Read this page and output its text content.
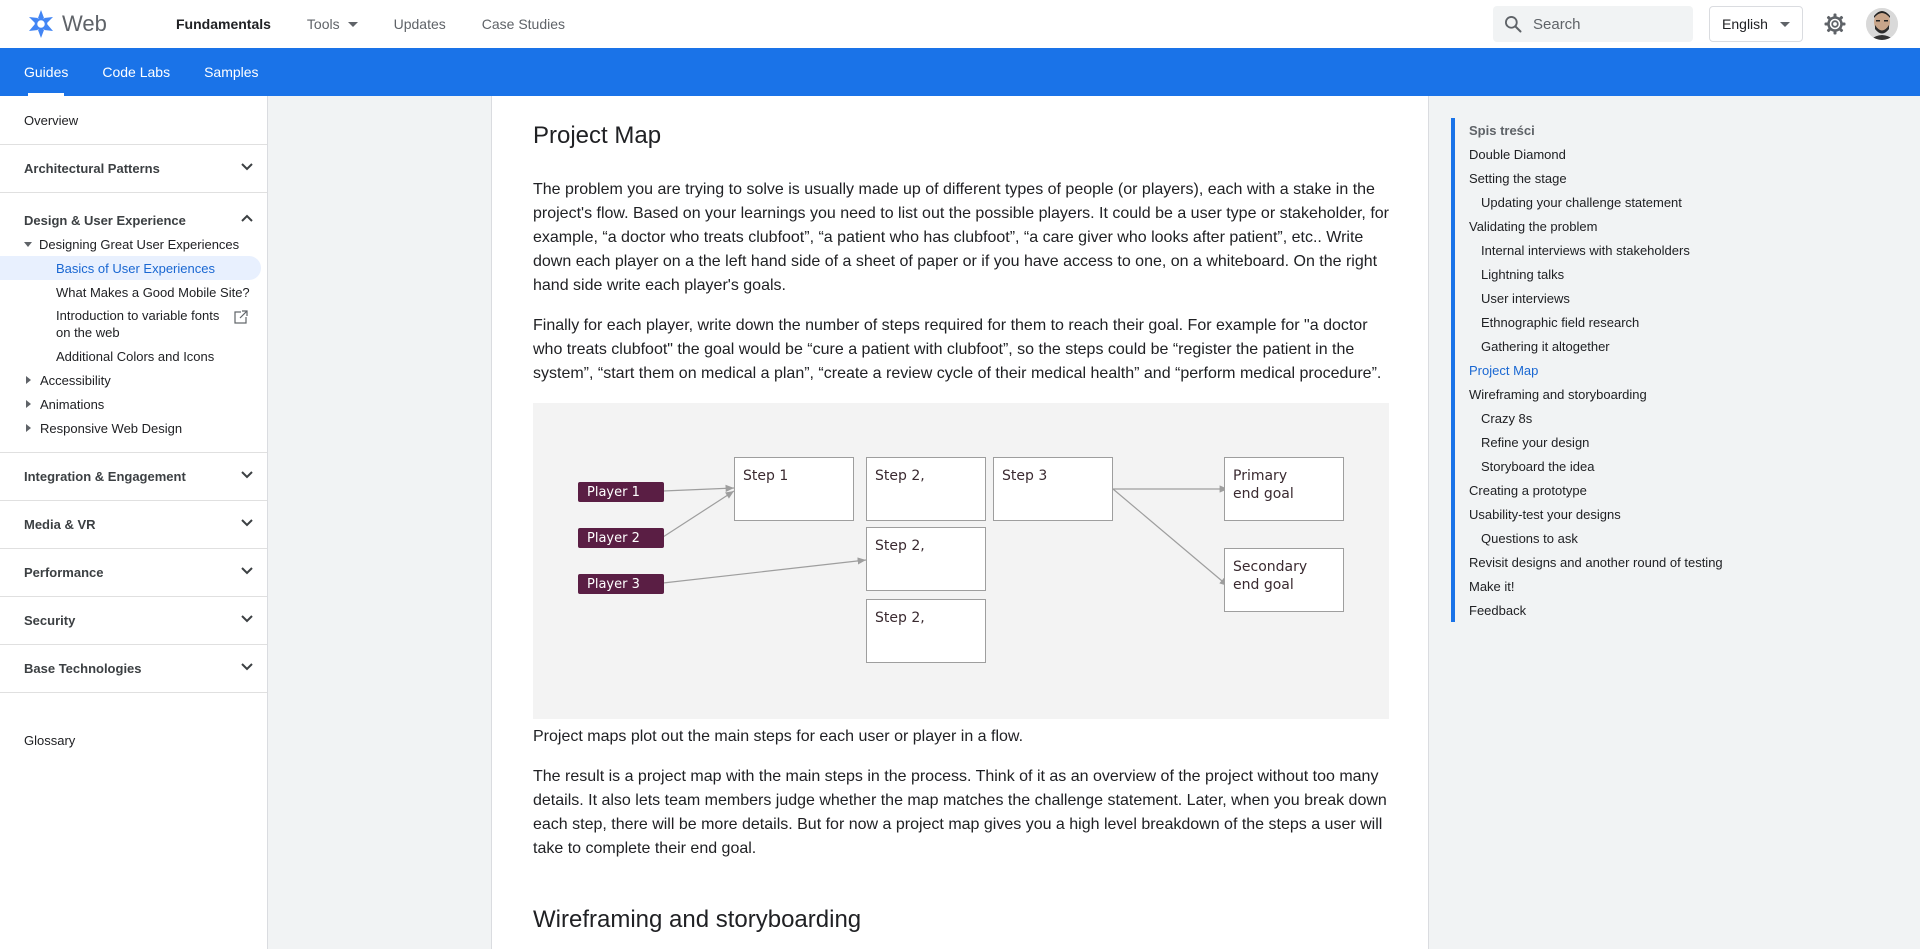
Web	Fundamentals	Tools	Updates	Case Studies
Search	English
Guides Code Labs Samples
Overview
Architectural Patterns
Design & User Experience
Designing Great User Experiences
Basics of User Experiences
What Makes a Good Mobile Site?
Introduction to variable fonts on the web
Additional Colors and Icons
Accessibility
Animations
Responsive Web Design
Integration & Engagement
Media & VR
Performance
Security
Base Technologies
Glossary
Project Map

The problem you are trying to solve is usually made up of different types of people (or players), each with a stake in the project's flow. Based on your learnings you need to list out the possible players. It could be a user type or stakeholder, for example, “a doctor who treats clubfoot”, “a patient who has clubfoot”, “a care giver who looks after patient”, etc.. Write down each player on a the left hand side of a sheet of paper or if you have access to one, on a whiteboard. On the right hand side write each player's goals.

Finally for each player, write down the number of steps required for them to reach their goal. For example for "a doctor who treats clubfoot" the goal would be “cure a patient with clubfoot”, so the steps could be “register the patient in the system”, “start them on medical a plan”, “create a review cycle of their medical health” and “perform medical procedure”.

Player 1
Player 2
Player 3
Step 1	Step 2,	Step 3
Step 2,
Step 2,
Primary end goal
Secondary end goal

Project maps plot out the main steps for each user or player in a flow.

The result is a project map with the main steps in the process. Think of it as an overview of the project without too many details. It also lets team members judge whether the map matches the challenge statement. Later, when you break down each step, there will be more details. But for now a project map gives you a high level breakdown of the steps a user will take to complete their end goal.

Wireframing and storyboarding
Spis treści
Double Diamond
Setting the stage
Updating your challenge statement
Validating the problem
Internal interviews with stakeholders
Lightning talks
User interviews
Ethnographic field research
Gathering it altogether
Project Map
Wireframing and storyboarding
Crazy 8s
Refine your design
Storyboard the idea
Creating a prototype
Usability-test your designs
Questions to ask
Revisit designs and another round of testing
Make it!
Feedback
